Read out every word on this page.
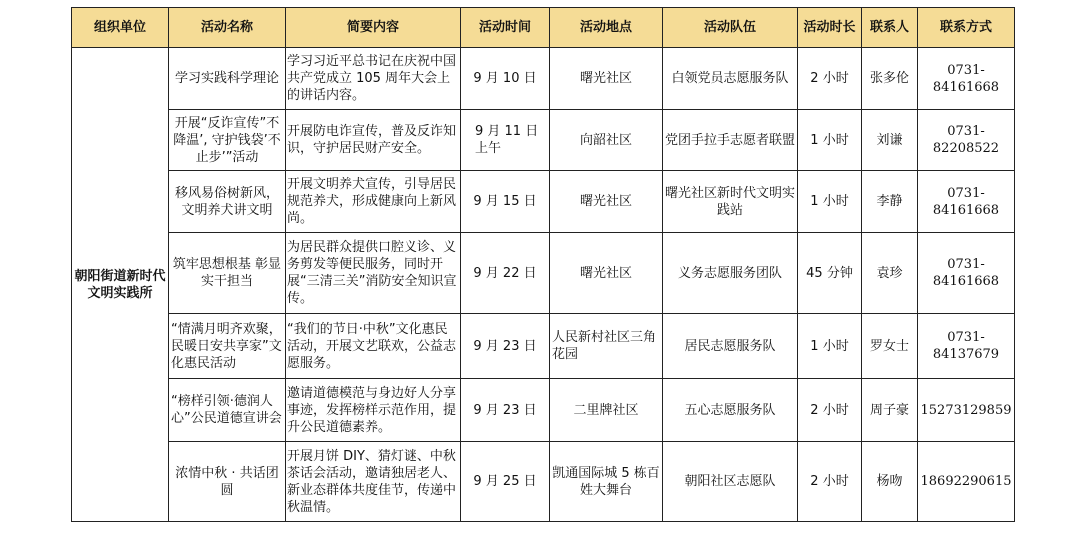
组织单位	活动名称	简要内容	活动时间	活动地点	活动队伍	活动时长	联系人	联系方式
朝阳街道新时代文明实践所	学习实践科学理论	学习习近平总书记在庆祝中国共产党成立 105 周年大会上的讲话内容。	9 月 10 日	曙光社区	白领党员志愿服务队	2 小时	张多伦	0731-84161668
	开展“反诈宣传”不降温’, 守护钱袋’不止步’”活动	开展防电诈宣传，普及反诈知识，守护居民财产安全。	9 月 11 日上午	向韶社区	党团手拉手志愿者联盟	1 小时	刘谦	0731-82208522
	移风易俗树新风，文明养犬讲文明	开展文明养犬宣传，引导居民规范养犬，形成健康向上新风尚。	9 月 15 日	曙光社区	曙光社区新时代文明实践站	1 小时	李静	0731-84161668
	筑牢思想根基 彰显实干担当	为居民群众提供口腔义诊、义务剪发等便民服务，同时开展“三清三关”消防安全知识宣传。	9 月 22 日	曙光社区	义务志愿服务团队	45 分钟	袁珍	0731-84161668
	“情满月明齐欢聚，民暖日安共享家”文化惠民活动	“我们的节日·中秋”文化惠民活动，开展文艺联欢，公益志愿服务。	9 月 23 日	人民新村社区三角花园	居民志愿服务队	1 小时	罗女士	0731-84137679
	“榜样引领·德润人心”公民道德宣讲会	邀请道德模范与身边好人分享事迹，发挥榜样示范作用，提升公民道德素养。	9 月 23 日	二里牌社区	五心志愿服务队	2 小时	周子豪	15273129859
	浓情中秋 · 共话团圆	开展月饼 DIY、猜灯谜、中秋茶话会活动，邀请独居老人、新业态群体共度佳节，传递中秋温情。	9 月 25 日	凯通国际城 5 栋百姓大舞台	朝阳社区志愿队	2 小时	杨吻	18692290615
